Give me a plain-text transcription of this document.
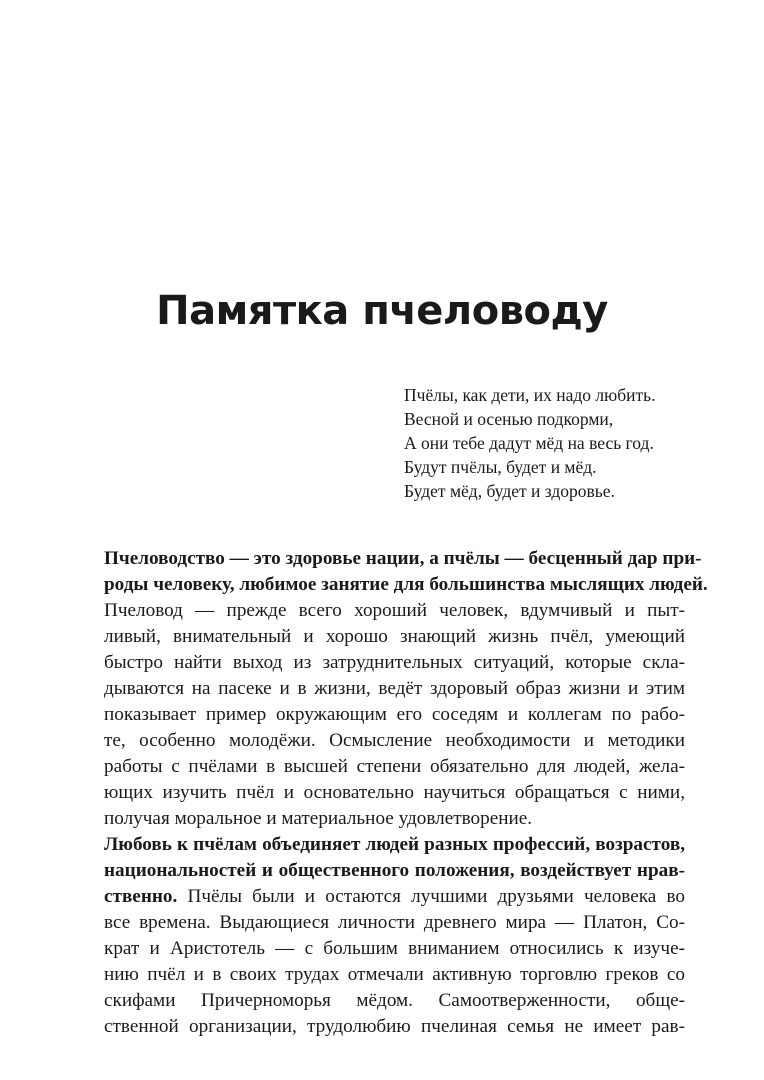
Памятка пчеловоду
Пчёлы, как дети, их надо любить.
Весной и осенью подкорми,
А они тебе дадут мёд на весь год.
Будут пчёлы, будет и мёд.
Будет мёд, будет и здоровье.
Пчеловодство — это здоровье нации, а пчёлы — бесценный дар при-
роды человеку, любимое занятие для большинства мыслящих людей.
Пчеловод — прежде всего хороший человек, вдумчивый и пыт-
ливый, внимательный и хорошо знающий жизнь пчёл, умеющий
быстро найти выход из затруднительных ситуаций, которые скла-
дываются на пасеке и в жизни, ведёт здоровый образ жизни и этим
показывает пример окружающим его соседям и коллегам по рабо-
те, особенно молодёжи. Осмысление необходимости и методики
работы с пчёлами в высшей степени обязательно для людей, жела-
ющих изучить пчёл и основательно научиться обращаться с ними,
получая моральное и материальное удовлетворение.
Любовь к пчёлам объединяет людей разных профессий, возрастов,
национальностей и общественного положения, воздействует нрав-
ственно. Пчёлы были и остаются лучшими друзьями человека во
все времена. Выдающиеся личности древнего мира — Платон, Со-
крат и Аристотель — с большим вниманием относились к изуче-
нию пчёл и в своих трудах отмечали активную торговлю греков со
скифами Причерноморья мёдом. Самоотверженности, обще-
ственной организации, трудолюбию пчелиная семья не имеет рав-
